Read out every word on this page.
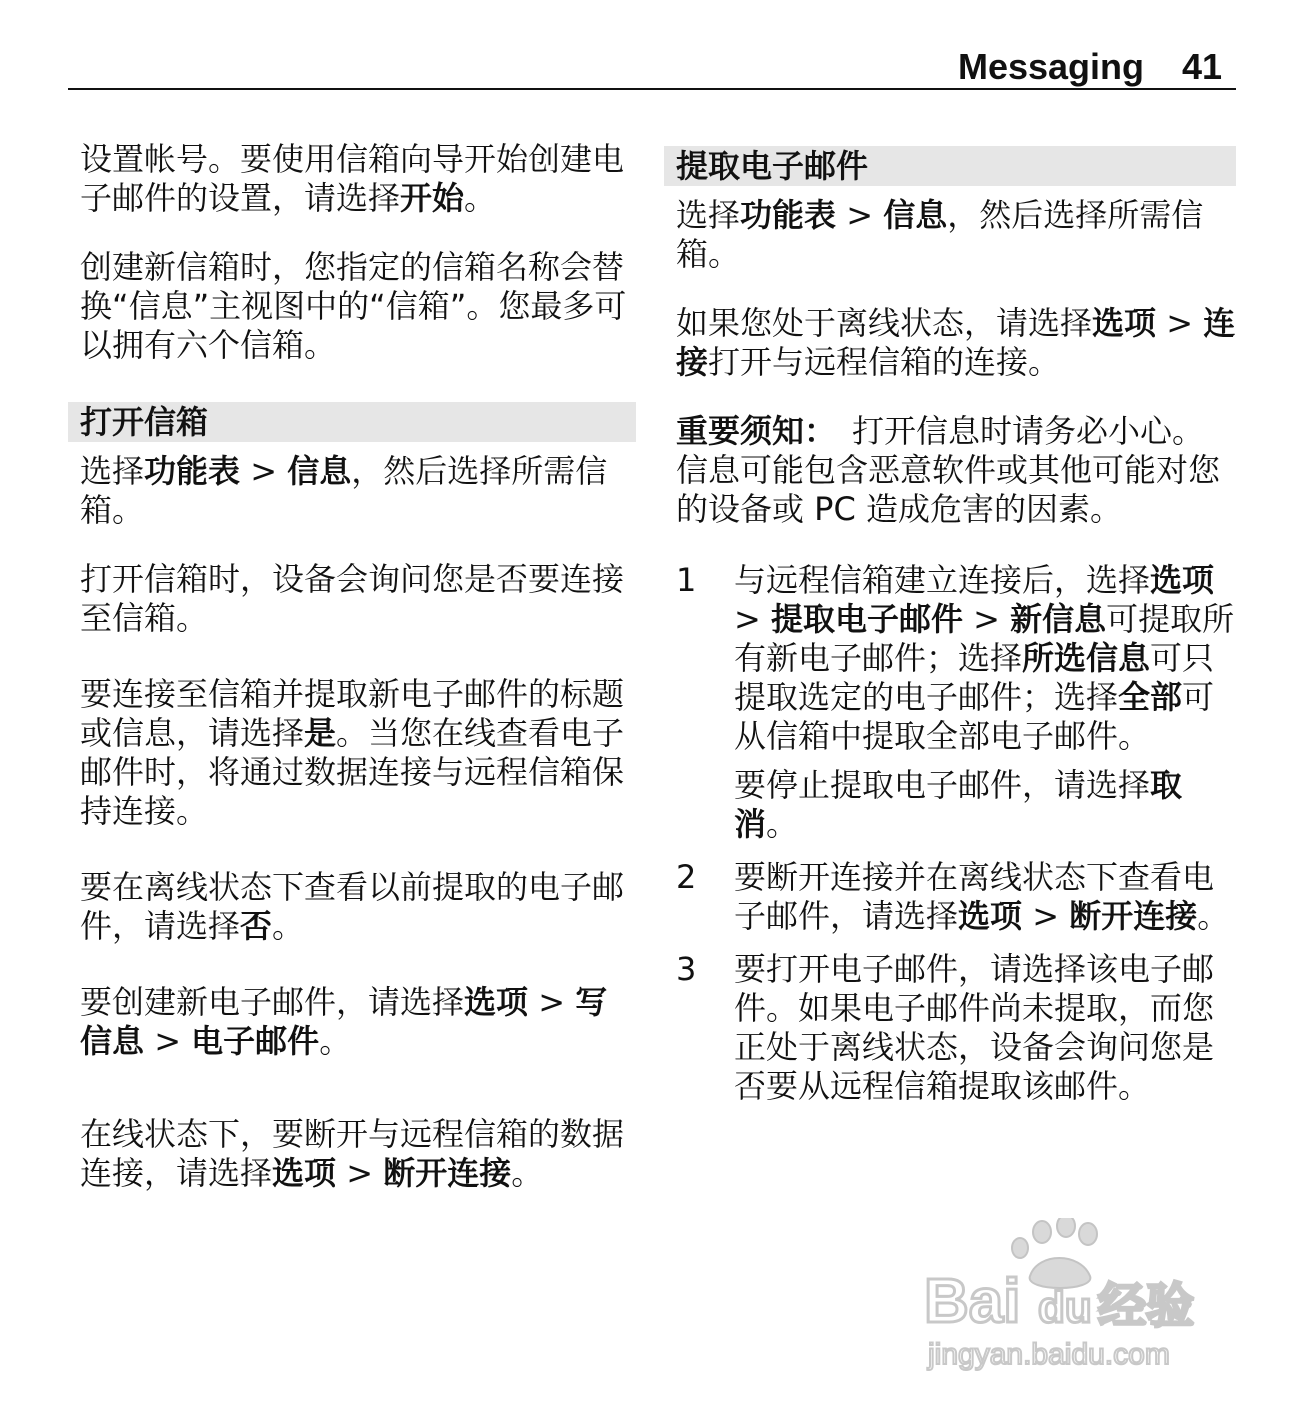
Messaging 41

设置帐号。要使用信箱向导开始创建电子邮件的设置，请选择开始。

创建新信箱时，您指定的信箱名称会替换“信息”主视图中的“信箱”。您最多可以拥有六个信箱。

打开信箱

选择功能表 > 信息，然后选择所需信箱。

打开信箱时，设备会询问您是否要连接至信箱。

要连接至信箱并提取新电子邮件的标题或信息，请选择是。当您在线查看电子邮件时，将通过数据连接与远程信箱保持连接。

要在离线状态下查看以前提取的电子邮件，请选择否。

要创建新电子邮件，请选择选项 > 写信息 > 电子邮件。

在线状态下，要断开与远程信箱的数据连接，请选择选项 > 断开连接。

提取电子邮件

选择功能表 > 信息，然后选择所需信箱。

如果您处于离线状态，请选择选项 > 连接打开与远程信箱的连接。

重要须知：　打开信息时请务必小心。信息可能包含恶意软件或其他可能对您的设备或 PC 造成危害的因素。

1 与远程信箱建立连接后，选择选项 > 提取电子邮件 > 新信息可提取所有新电子邮件；选择所选信息可只提取选定的电子邮件；选择全部可从信箱中提取全部电子邮件。

要停止提取电子邮件，请选择取消。

2 要断开连接并在离线状态下查看电子邮件，请选择选项 > 断开连接。

3 要打开电子邮件，请选择该电子邮件。如果电子邮件尚未提取，而您正处于离线状态，设备会询问您是否要从远程信箱提取该邮件。

Bai du 经验
jingyan.baidu.com
